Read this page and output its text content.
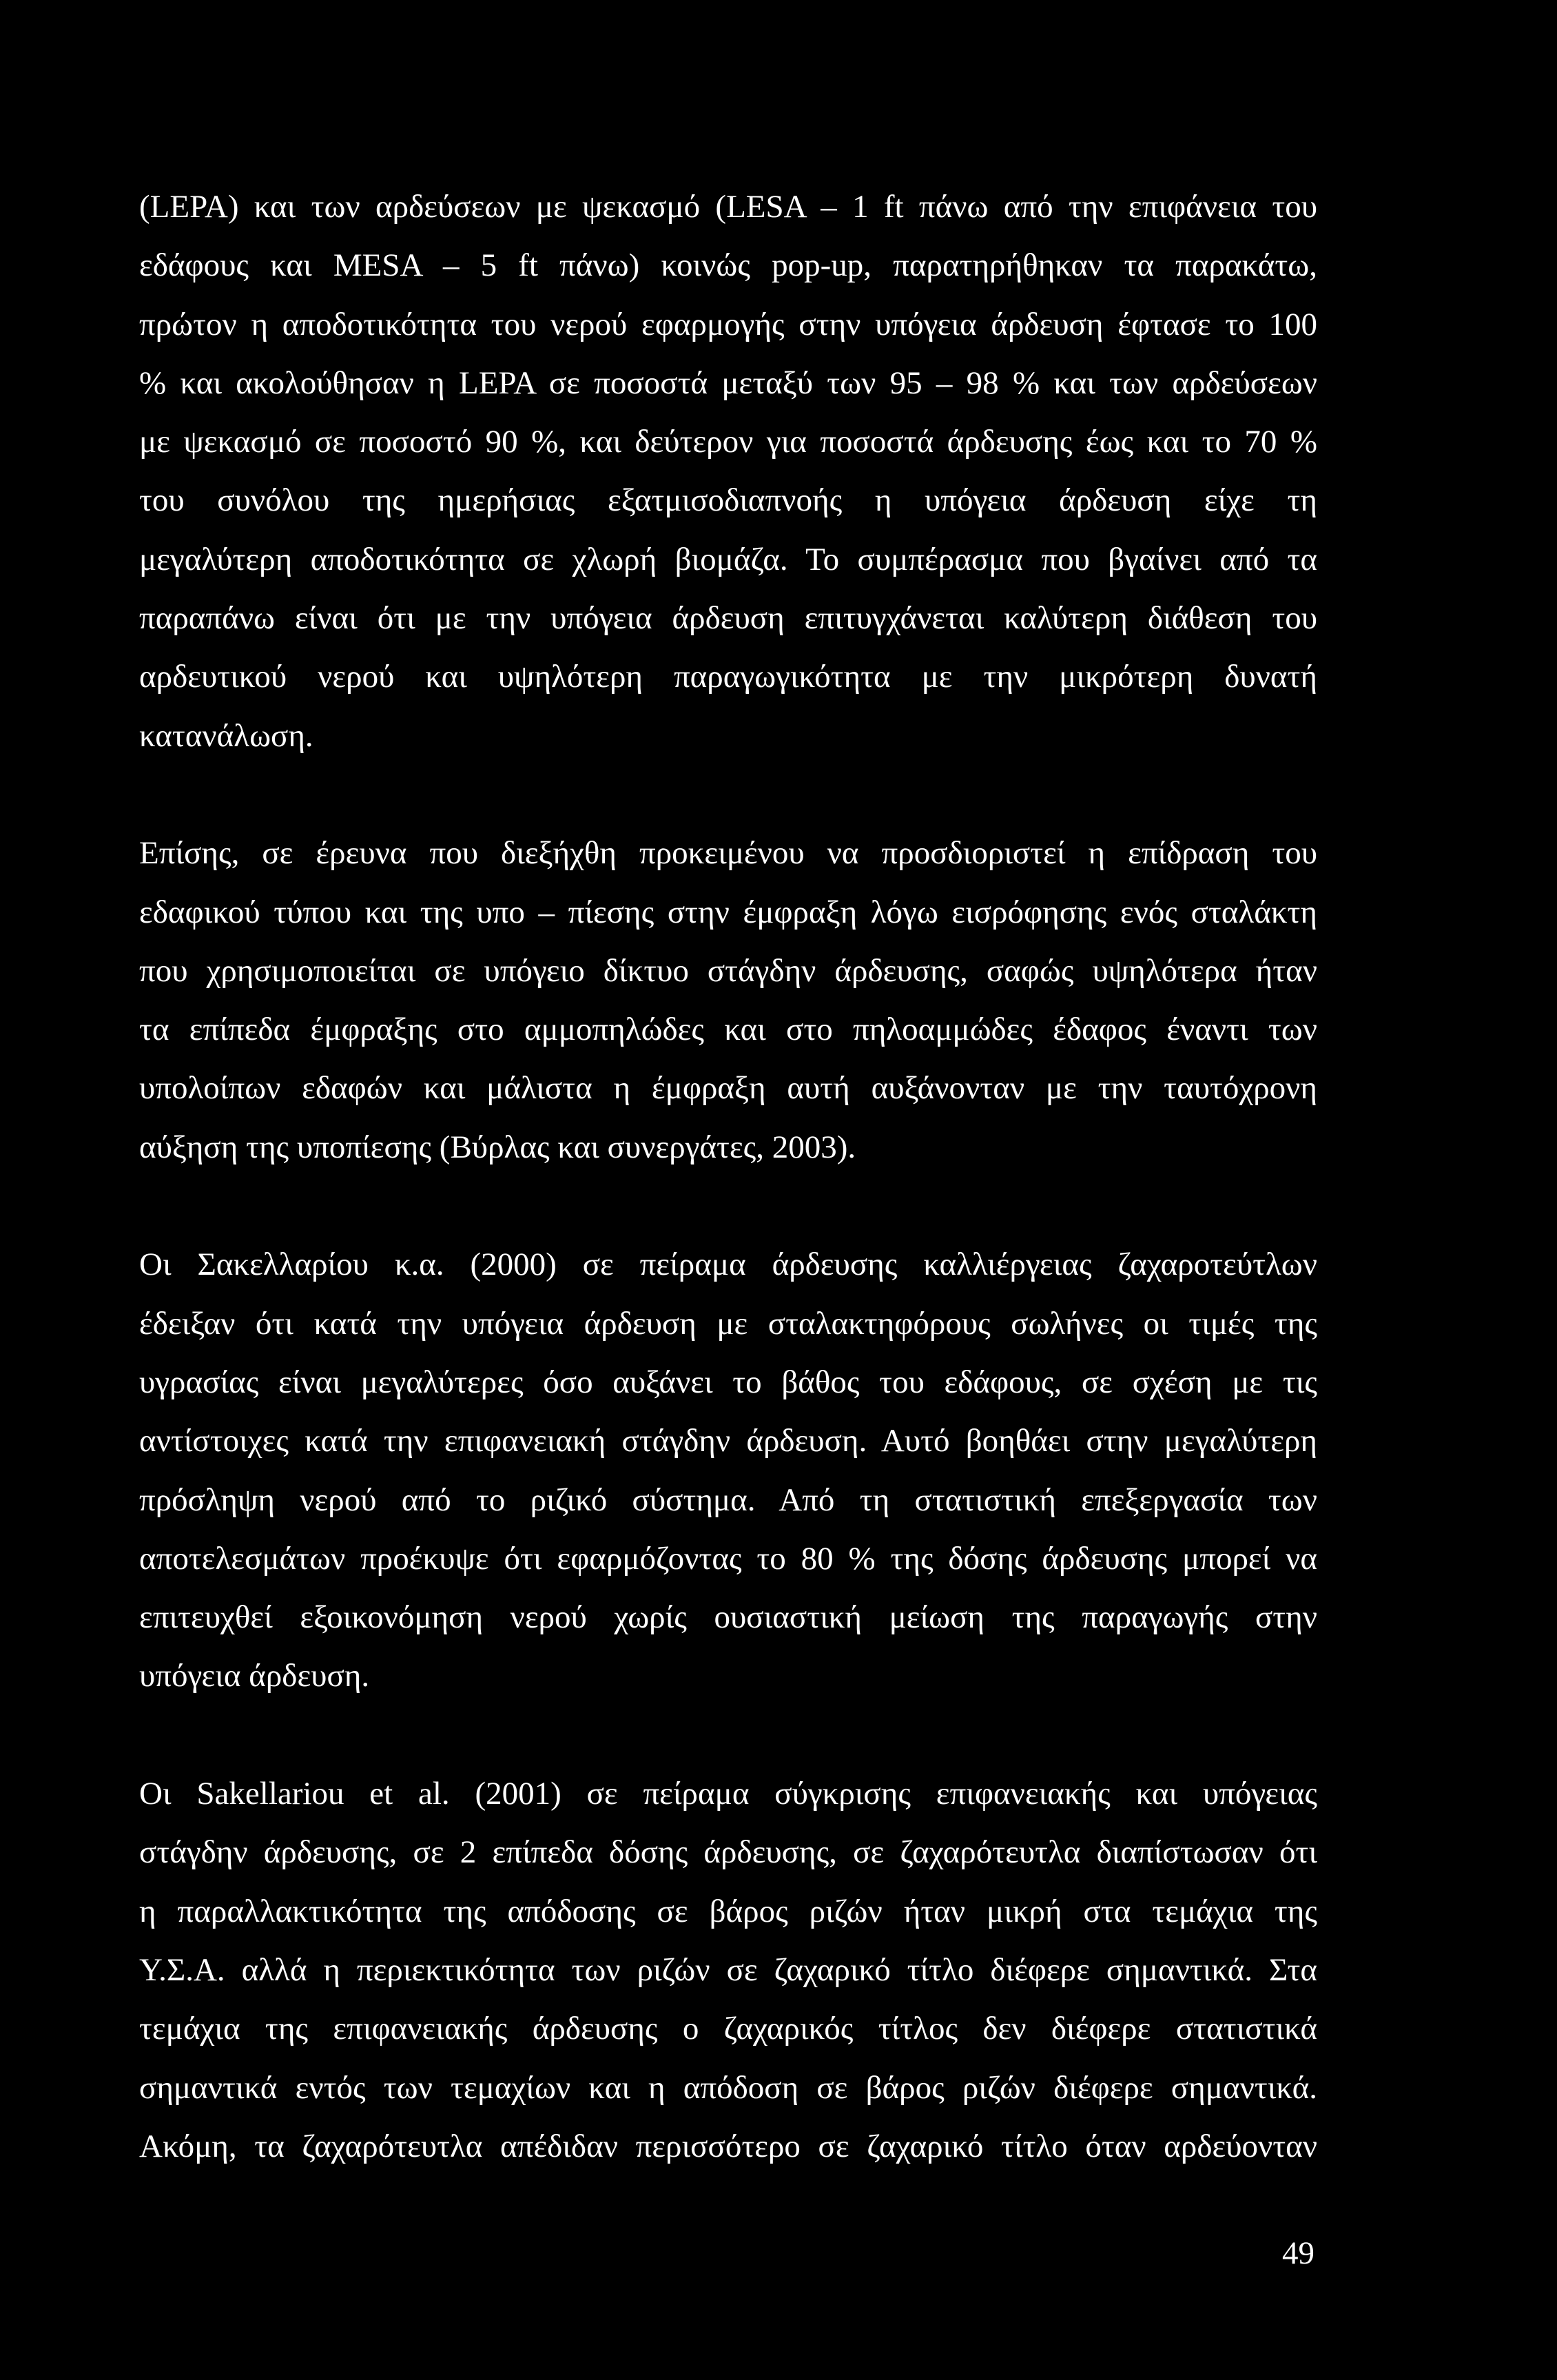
(LEPA) και των αρδεύσεων με ψεκασμό (LESA – 1 ft πάνω από την επιφάνεια του
εδάφους και MESA – 5 ft πάνω) κοινώς pop-up, παρατηρήθηκαν τα παρακάτω,
πρώτον η αποδοτικότητα του νερού εφαρμογής στην υπόγεια άρδευση έφτασε το 100
% και ακολούθησαν η LEPA σε ποσοστά μεταξύ των 95 – 98 % και των αρδεύσεων
με ψεκασμό σε ποσοστό 90 %, και δεύτερον για ποσοστά άρδευσης έως και το 70 %
του συνόλου της ημερήσιας εξατμισοδιαπνοής η υπόγεια άρδευση είχε τη
μεγαλύτερη αποδοτικότητα σε χλωρή βιομάζα. Το συμπέρασμα που βγαίνει από τα
παραπάνω είναι ότι με την υπόγεια άρδευση επιτυγχάνεται καλύτερη διάθεση του
αρδευτικού νερού και υψηλότερη παραγωγικότητα με την μικρότερη δυνατή
κατανάλωση.
Επίσης, σε έρευνα που διεξήχθη προκειμένου να προσδιοριστεί η επίδραση του
εδαφικού τύπου και της υπο – πίεσης στην έμφραξη λόγω εισρόφησης ενός σταλάκτη
που χρησιμοποιείται σε υπόγειο δίκτυο στάγδην άρδευσης, σαφώς υψηλότερα ήταν
τα επίπεδα έμφραξης στο αμμοπηλώδες και στο πηλοαμμώδες έδαφος έναντι των
υπολοίπων εδαφών και μάλιστα η έμφραξη αυτή αυξάνονταν με την ταυτόχρονη
αύξηση της υποπίεσης (Βύρλας και συνεργάτες, 2003).
Οι Σακελλαρίου κ.α. (2000) σε πείραμα άρδευσης καλλιέργειας ζαχαροτεύτλων
έδειξαν ότι κατά την υπόγεια άρδευση με σταλακτηφόρους σωλήνες οι τιμές της
υγρασίας είναι μεγαλύτερες όσο αυξάνει το βάθος του εδάφους, σε σχέση με τις
αντίστοιχες κατά την επιφανειακή στάγδην άρδευση. Αυτό βοηθάει στην μεγαλύτερη
πρόσληψη νερού από το ριζικό σύστημα. Από τη στατιστική επεξεργασία των
αποτελεσμάτων προέκυψε ότι εφαρμόζοντας το 80 % της δόσης άρδευσης μπορεί να
επιτευχθεί εξοικονόμηση νερού χωρίς ουσιαστική μείωση της παραγωγής στην
υπόγεια άρδευση.
Οι Sakellariou et al. (2001) σε πείραμα σύγκρισης επιφανειακής και υπόγειας
στάγδην άρδευσης, σε 2 επίπεδα δόσης άρδευσης, σε ζαχαρότευτλα διαπίστωσαν ότι
η παραλλακτικότητα της απόδοσης σε βάρος ριζών ήταν μικρή στα τεμάχια της
Υ.Σ.Α. αλλά η περιεκτικότητα των ριζών σε ζαχαρικό τίτλο διέφερε σημαντικά. Στα
τεμάχια της επιφανειακής άρδευσης ο ζαχαρικός τίτλος δεν διέφερε στατιστικά
σημαντικά εντός των τεμαχίων και η απόδοση σε βάρος ριζών διέφερε σημαντικά.
Ακόμη, τα ζαχαρότευτλα απέδιδαν περισσότερο σε ζαχαρικό τίτλο όταν αρδεύονταν
49
